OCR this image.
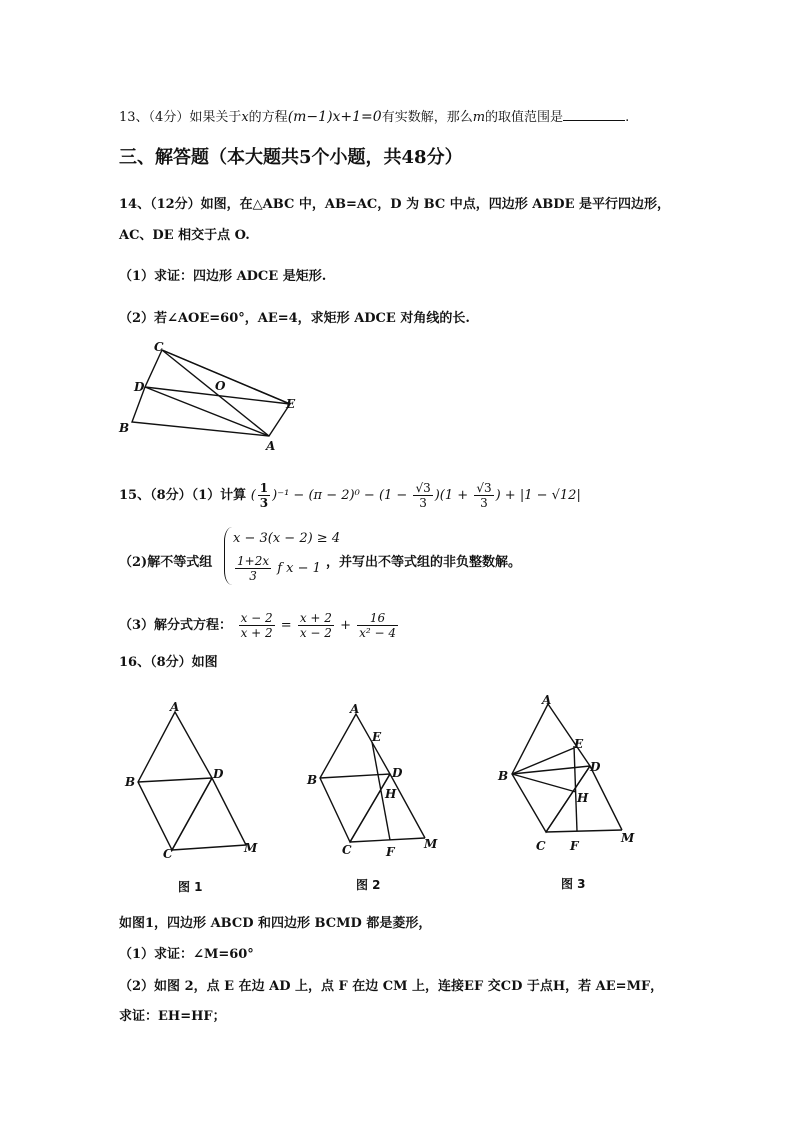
13、（4分）如果关于x的方程(m−1)x+1=0有实数解，那么m的取值范围是	.
三、解答题（本大题共5个小题，共48分）
14、（12分）如图，在△ABC 中，AB=AC，D 为 BC 中点，四边形 ABDE 是平行四边形，
AC、DE 相交于点 O.
（1）求证：四边形 ADCE 是矩形.
（2）若∠AOE=60°，AE=4，求矩形 ADCE 对角线的长.
C
D	O
E
B
A
15、（8分）（1）计算 ( $\frac{1}{3} )^{-1} - (\pi - 2)^0 - (1 - \frac{√3}{3} )(1 + \frac{√3}{3}$ ) + |1 − √12|
（2)解不等式组
x − 3(x − 2) ≥ 4
$\frac{1+2x}{3}$ f x − 1 ，并写出不等式组的非负整数解。
（3）解分式方程： $\frac{x - 2}{x + 2} = \frac{x + 2}{x - 2} + \frac{16}{\text{x² − 4}}$
16、（8分）如图
A
B
D
C	M
图 1
A
E
B	D
H
C	F
M
图 2
A
E
D
B
H
C F
M
图 3
如图1，四边形 ABCD 和四边形 BCMD 都是菱形，
（1）求证：∠M=60°
（2）如图 2，点 E 在边 AD 上，点 F 在边 CM 上，连接EF 交CD 于点H，若 AE=MF，
求证：EH=HF；
